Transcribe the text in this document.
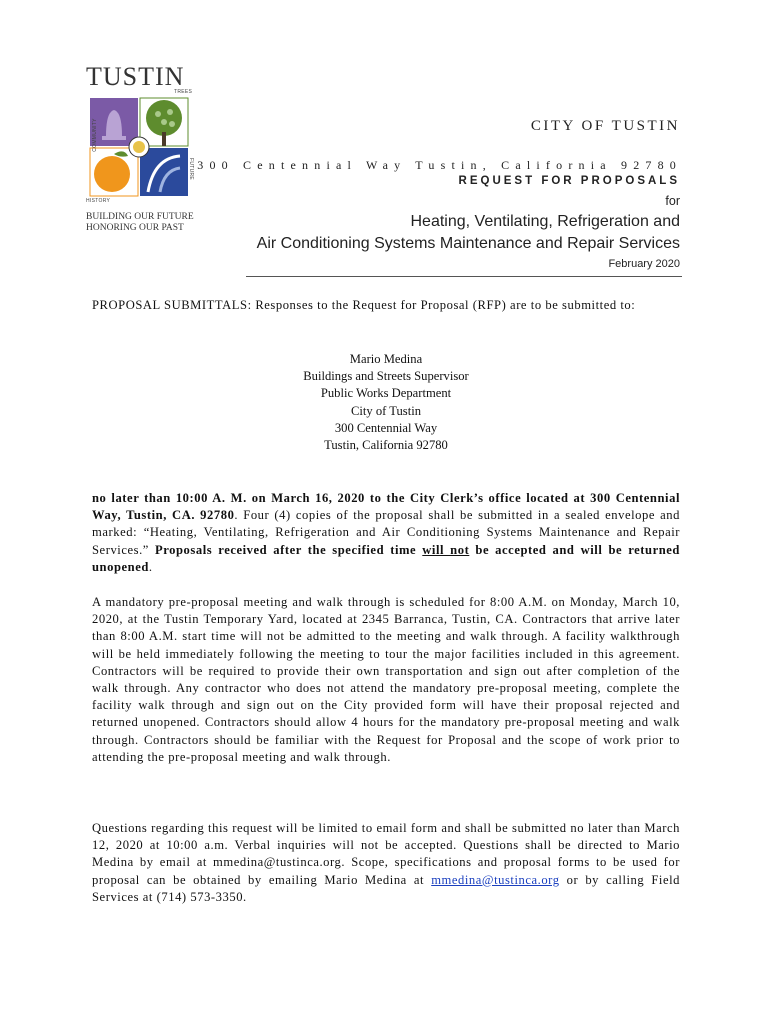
TUSTIN
COMMUNITY
TREES
HISTORY
FUTURE
BUILDING OUR FUTURE
HONORING OUR PAST
CITY OF TUSTIN
300 Centennial Way Tustin, California 92780
REQUEST FOR PROPOSALS
for
Heating, Ventilating, Refrigeration and
Air Conditioning Systems Maintenance and Repair Services
February 2020
PROPOSAL SUBMITTALS: Responses to the Request for Proposal (RFP) are to be submitted to:
Mario Medina
Buildings and Streets Supervisor
Public Works Department
City of Tustin
300 Centennial Way
Tustin, California 92780
no later than 10:00 A. M. on March 16, 2020 to the City Clerk’s office located at 300 Centennial Way, Tustin, CA. 92780. Four (4) copies of the proposal shall be submitted in a sealed envelope and marked: “Heating, Ventilating, Refrigeration and Air Conditioning Systems Maintenance and Repair Services.” Proposals received after the specified time will not be accepted and will be returned unopened.
A mandatory pre-proposal meeting and walk through is scheduled for 8:00 A.M. on Monday, March 10, 2020, at the Tustin Temporary Yard, located at 2345 Barranca, Tustin, CA. Contractors that arrive later than 8:00 A.M. start time will not be admitted to the meeting and walk through. A facility walkthrough will be held immediately following the meeting to tour the major facilities included in this agreement. Contractors will be required to provide their own transportation and sign out after completion of the walk through. Any contractor who does not attend the mandatory pre-proposal meeting, complete the facility walk through and sign out on the City provided form will have their proposal rejected and returned unopened. Contractors should allow 4 hours for the mandatory pre-proposal meeting and walk through. Contractors should be familiar with the Request for Proposal and the scope of work prior to attending the pre-proposal meeting and walk through.
Questions regarding this request will be limited to email form and shall be submitted no later than March 12, 2020 at 10:00 a.m. Verbal inquiries will not be accepted. Questions shall be directed to Mario Medina by email at mmedina@tustinca.org. Scope, specifications and proposal forms to be used for proposal can be obtained by emailing Mario Medina at mmedina@tustinca.org or by calling Field Services at (714) 573-3350.
